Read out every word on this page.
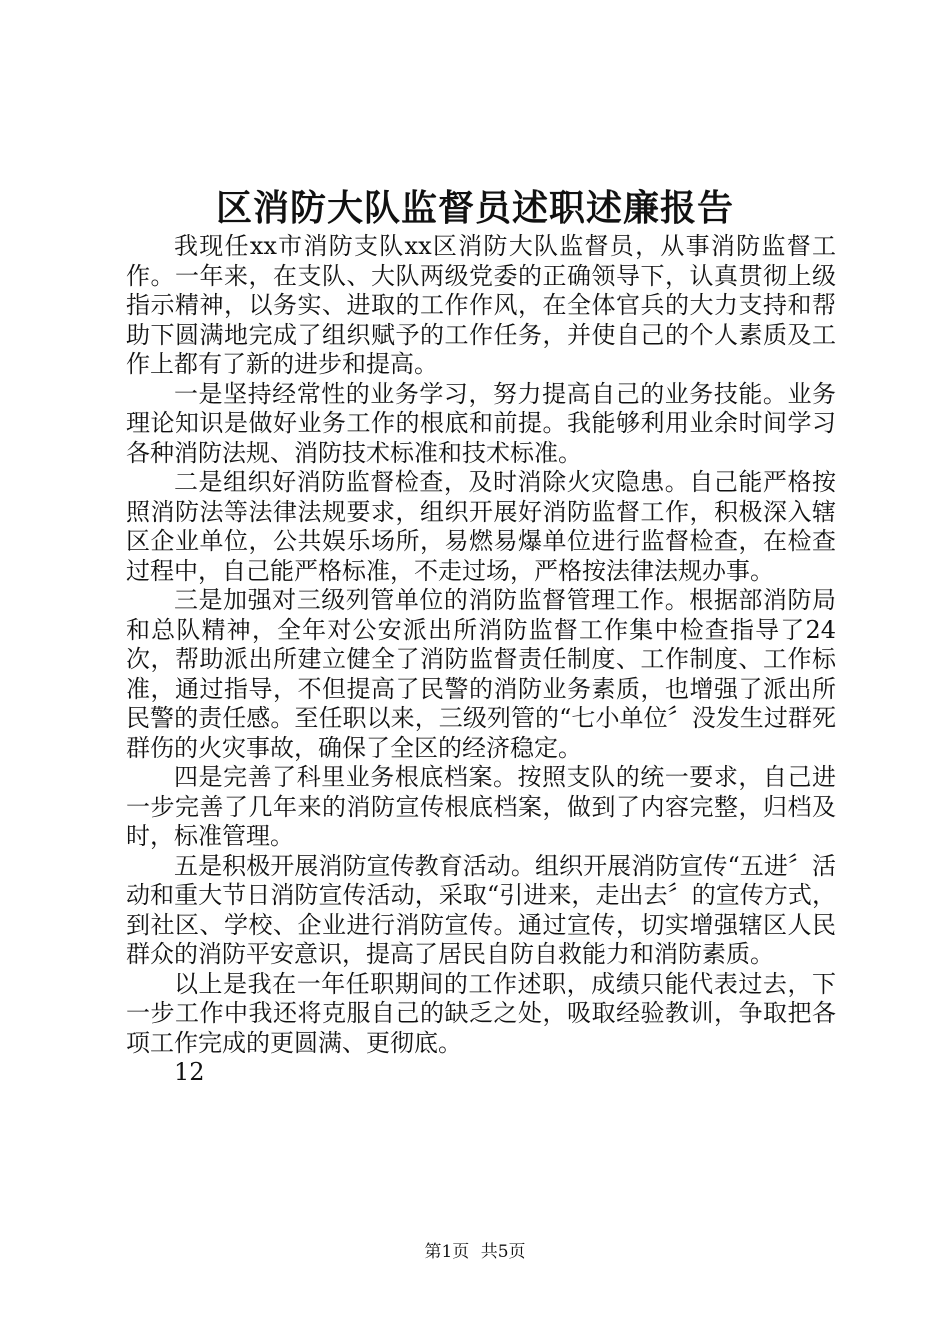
区消防大队监督员述职述廉报告

我现任xx市消防支队xx区消防大队监督员，从事消防监督工作。一年来，在支队、大队两级党委的正确领导下，认真贯彻上级指示精神，以务实、进取的工作作风，在全体官兵的大力支持和帮助下圆满地完成了组织赋予的工作任务，并使自己的个人素质及工作上都有了新的进步和提高。

一是坚持经常性的业务学习，努力提高自己的业务技能。业务理论知识是做好业务工作的根底和前提。我能够利用业余时间学习各种消防法规、消防技术标准和技术标准。

二是组织好消防监督检查，及时消除火灾隐患。自己能严格按照消防法等法律法规要求，组织开展好消防监督工作，积极深入辖区企业单位，公共娱乐场所，易燃易爆单位进行监督检查，在检查过程中，自己能严格标准，不走过场，严格按法律法规办事。

三是加强对三级列管单位的消防监督管理工作。根据部消防局和总队精神，全年对公安派出所消防监督工作集中检查指导了24次，帮助派出所建立健全了消防监督责任制度、工作制度、工作标准，通过指导，不但提高了民警的消防业务素质，也增强了派出所民警的责任感。至任职以来，三级列管的“七小单位〞没发生过群死群伤的火灾事故，确保了全区的经济稳定。

四是完善了科里业务根底档案。按照支队的统一要求，自己进一步完善了几年来的消防宣传根底档案，做到了内容完整，归档及时，标准管理。

五是积极开展消防宣传教育活动。组织开展消防宣传“五进〞活动和重大节日消防宣传活动，采取“引进来，走出去〞的宣传方式，到社区、学校、企业进行消防宣传。通过宣传，切实增强辖区人民群众的消防平安意识，提高了居民自防自救能力和消防素质。

以上是我在一年任职期间的工作述职，成绩只能代表过去，下一步工作中我还将克服自己的缺乏之处，吸取经验教训，争取把各项工作完成的更圆满、更彻底。

12

第1页 共5页
